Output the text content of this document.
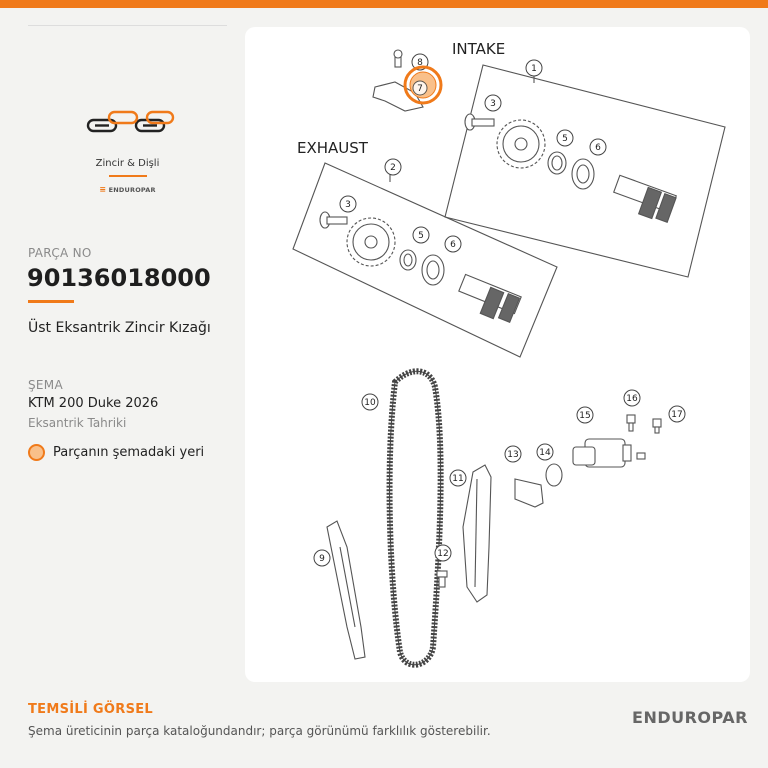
Zincir & Dişli
≡ ENDUROPAR
PARÇA NO
90136018000
Üst Eksantrik Zincir Kızağı
ŞEMA
KTM 200 Duke 2026
Eksantrik Tahriki
Parçanın şemadaki yeri
1
2
3
3
5
5
6
6
8
9
10
11
12
13 14
15
16
17
7
INTAKE
EXHAUST
TEMSİLİ GÖRSEL
Şema üreticinin parça kataloğundandır; parça görünümü farklılık gösterebilir.
ENDUROPAR
